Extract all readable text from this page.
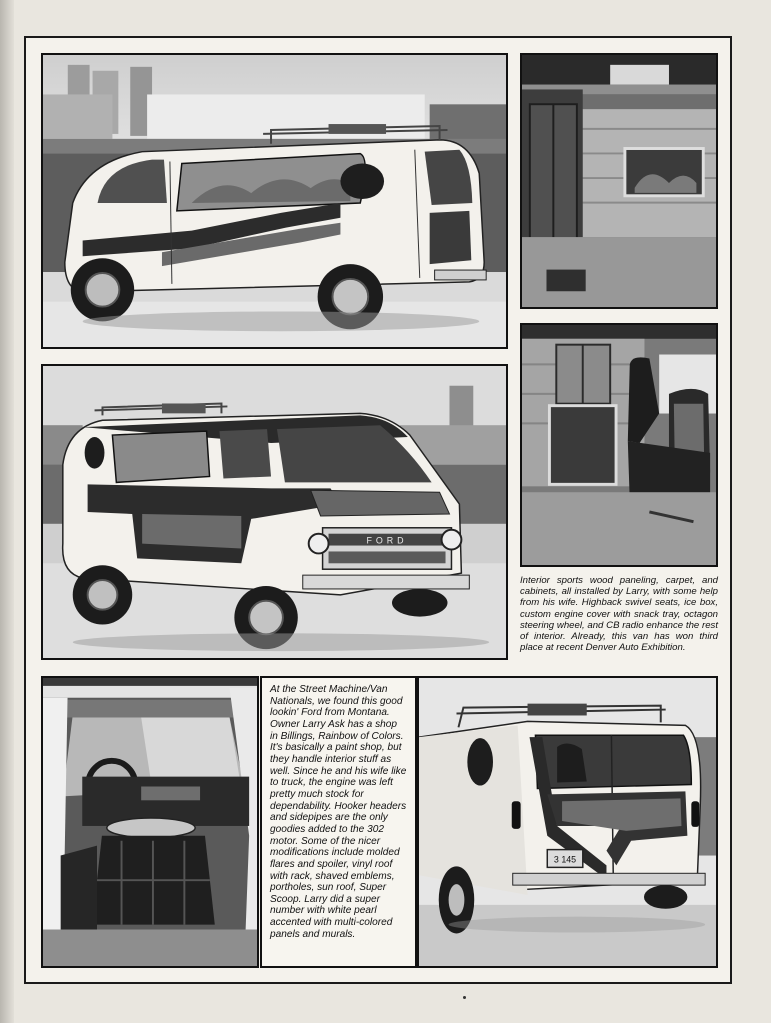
FORD

Interior sports wood paneling, carpet, and cabinets, all installed by Larry, with some help from his wife. Highback swivel seats, ice box, custom engine cover with snack tray, octagon steering wheel, and CB radio enhance the rest of interior. Already, this van has won third place at recent Denver Auto Exhibition.

At the Street Machine/Van Nationals, we found this good lookin' Ford from Montana. Owner Larry Ask has a shop in Billings, Rainbow of Colors. It's basically a paint shop, but they handle interior stuff as well. Since he and his wife like to truck, the engine was left pretty much stock for dependability. Hooker headers and sidepipes are the only goodies added to the 302 motor. Some of the nicer modifications include molded flares and spoiler, vinyl roof with rack, shaved emblems, portholes, sun roof, Super Scoop. Larry did a super number with white pearl accented with multi-colored panels and murals.

3 145
